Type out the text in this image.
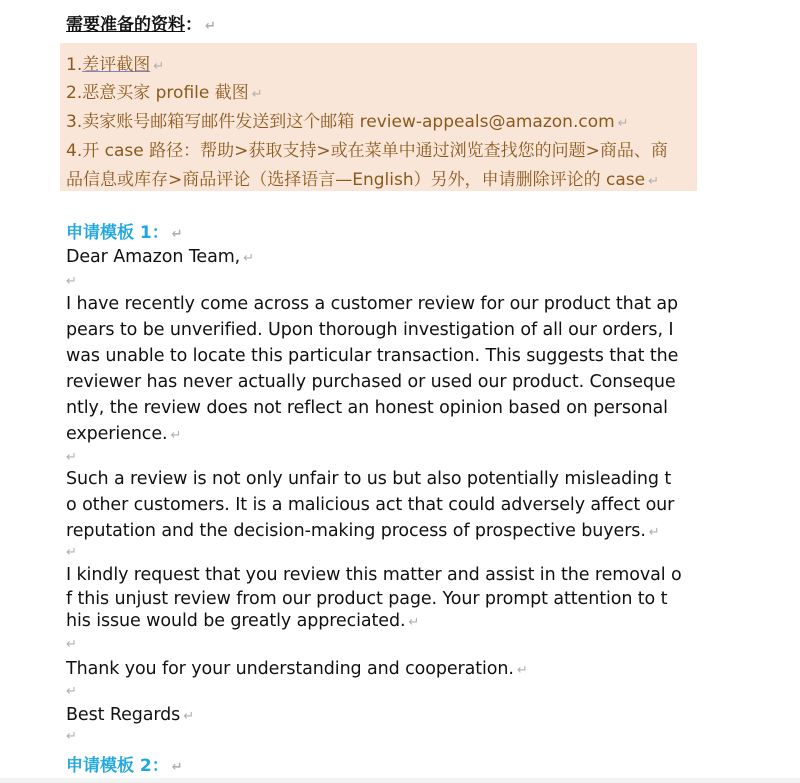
需要准备的资料： ↵
1.差评截图 ↵
2.恶意买家 profile 截图 ↵
3.卖家账号邮箱写邮件发送到这个邮箱 review-appeals@amazon.com ↵
4.开 case 路径：帮助>获取支持>或在菜单中通过浏览查找您的问题>商品、商
品信息或库存>商品评论（选择语言—English）另外，申请删除评论的 case ↵
申请模板 1： ↵
Dear Amazon Team, ↵
↵
I have recently come across a customer review for our product that ap
pears to be unverified. Upon thorough investigation of all our orders, I
was unable to locate this particular transaction. This suggests that the
reviewer has never actually purchased or used our product. Conseque
ntly, the review does not reflect an honest opinion based on personal
experience. ↵
↵
Such a review is not only unfair to us but also potentially misleading t
o other customers. It is a malicious act that could adversely affect our
reputation and the decision-making process of prospective buyers. ↵
↵
I kindly request that you review this matter and assist in the removal o
f this unjust review from our product page. Your prompt attention to t
his issue would be greatly appreciated. ↵
↵
Thank you for your understanding and cooperation. ↵
↵
Best Regards ↵
↵
申请模板 2： ↵
